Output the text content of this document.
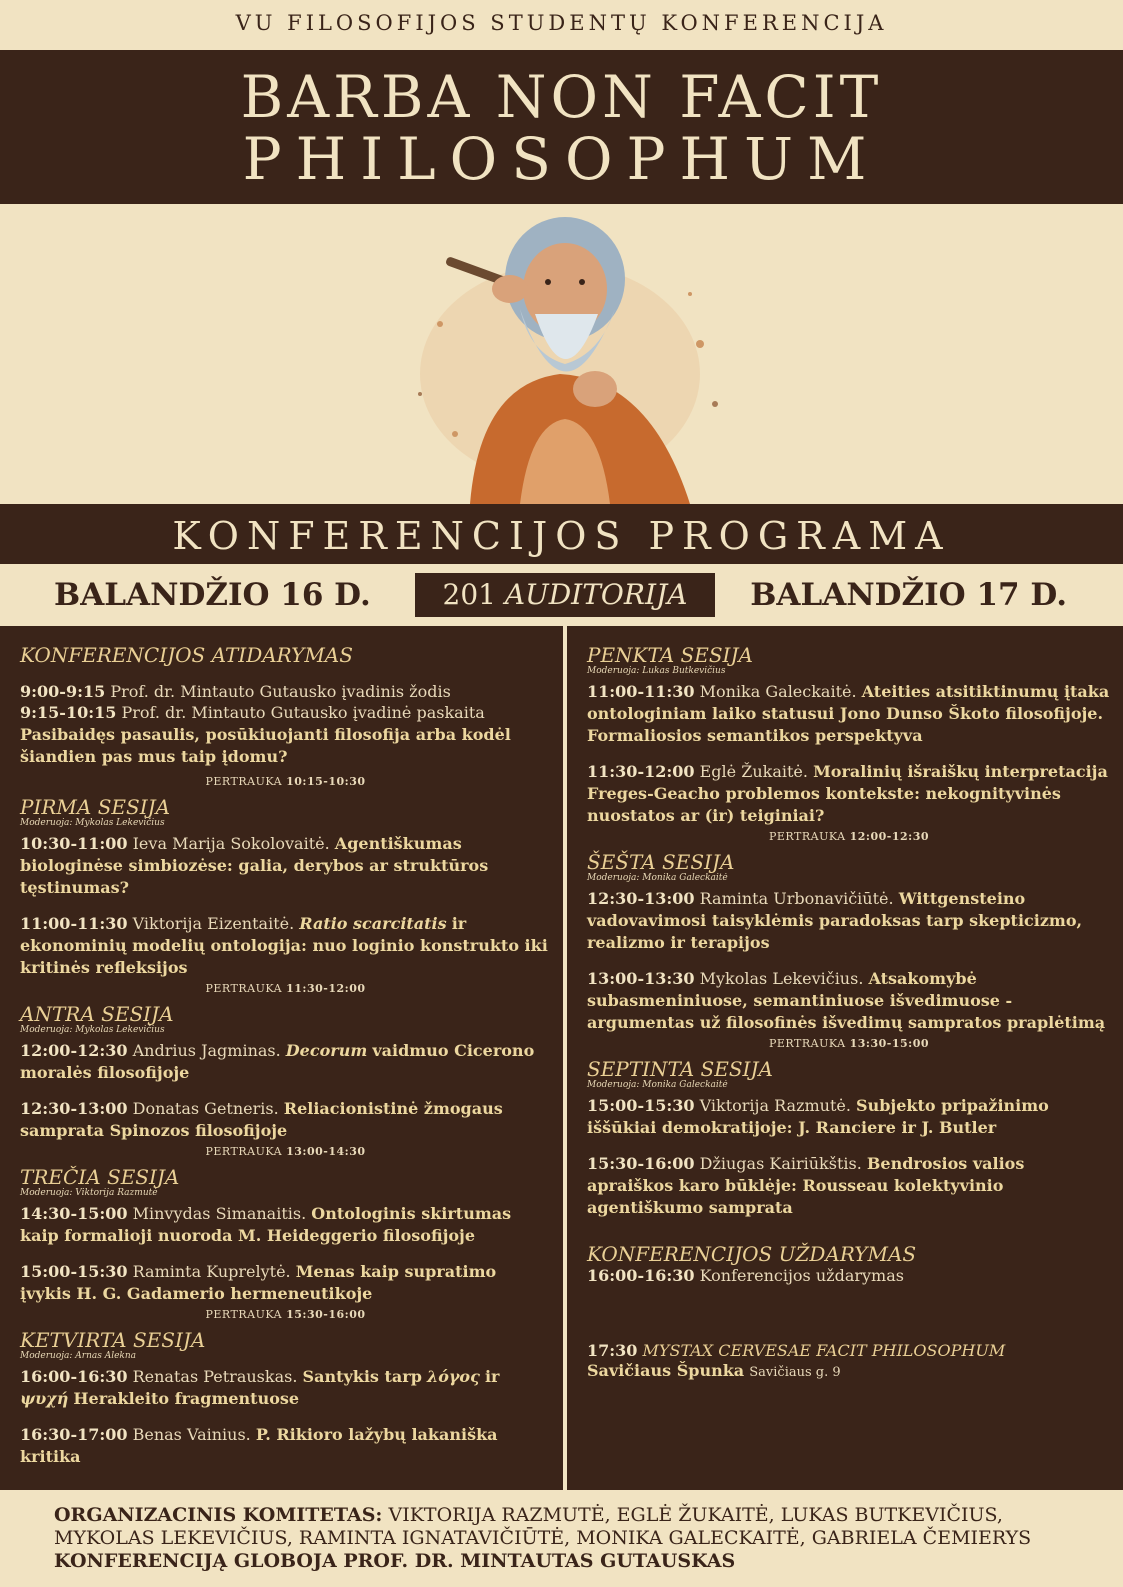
VU FILOSOFIJOS STUDENTŲ KONFERENCIJA
BARBA NON FACIT
PHILOSOPHUM
KONFERENCIJOS PROGRAMA
BALANDŽIO 16 D.	201 AUDITORIJA	BALANDŽIO 17 D.
KONFERENCIJOS ATIDARYMAS
9:00-9:15 Prof. dr. Mintauto Gutausko įvadinis žodis
9:15-10:15 Prof. dr. Mintauto Gutausko įvadinė paskaita
Pasibaidęs pasaulis, posūkiuojanti filosofija arba kodėl šiandien pas mus taip įdomu?
PERTRAUKA 10:15-10:30
PIRMA SESIJA
Moderuoja: Mykolas Lekevičius
10:30-11:00 Ieva Marija Sokolovaitė. Agentiškumas biologinėse simbiozėse: galia, derybos ar struktūros tęstinumas?
11:00-11:30 Viktorija Eizentaitė. Ratio scarcitatis ir ekonominių modelių ontologija: nuo loginio konstrukto iki kritinės refleksijos
PERTRAUKA 11:30-12:00
ANTRA SESIJA
Moderuoja: Mykolas Lekevičius
12:00-12:30 Andrius Jagminas. Decorum vaidmuo Cicerono moralės filosofijoje
12:30-13:00 Donatas Getneris. Reliacionistinė žmogaus samprata Spinozos filosofijoje
PERTRAUKA 13:00-14:30
TREČIA SESIJA
Moderuoja: Viktorija Razmutė
14:30-15:00 Minvydas Simanaitis. Ontologinis skirtumas kaip formalioji nuoroda M. Heideggerio filosofijoje
15:00-15:30 Raminta Kuprelytė. Menas kaip supratimo įvykis H. G. Gadamerio hermeneutikoje
PERTRAUKA 15:30-16:00
KETVIRTA SESIJA
Moderuoja: Arnas Alekna
16:00-16:30 Renatas Petrauskas. Santykis tarp λόγος ir ψυχή Herakleito fragmentuose
16:30-17:00 Benas Vainius. P. Rikioro lažybų lakaniška kritika
PENKTA SESIJA
Moderuoja: Lukas Butkevičius
11:00-11:30 Monika Galeckaitė. Ateities atsitiktinumų įtaka ontologiniam laiko statusui Jono Dunso Škoto filosofijoje. Formaliosios semantikos perspektyva
11:30-12:00 Eglė Žukaitė. Moralinių išraiškų interpretacija Freges-Geacho problemos kontekste: nekognityvinės nuostatos ar (ir) teiginiai?
PERTRAUKA 12:00-12:30
ŠEŠTA SESIJA
Moderuoja: Monika Galeckaitė
12:30-13:00 Raminta Urbonavičiūtė. Wittgensteino vadovavimosi taisyklėmis paradoksas tarp skepticizmo, realizmo ir terapijos
13:00-13:30 Mykolas Lekevičius. Atsakomybė subasmeniniuose, semantiniuose išvedimuose - argumentas už filosofinės išvedimų sampratos praplėtimą
PERTRAUKA 13:30-15:00
SEPTINTA SESIJA
Moderuoja: Monika Galeckaitė
15:00-15:30 Viktorija Razmutė. Subjekto pripažinimo iššūkiai demokratijoje: J. Ranciere ir J. Butler
15:30-16:00 Džiugas Kairiūkštis. Bendrosios valios apraiškos karo būklėje: Rousseau kolektyvinio agentiškumo samprata
KONFERENCIJOS UŽDARYMAS
16:00-16:30 Konferencijos uždarymas
17:30 MYSTAX CERVESAE FACIT PHILOSOPHUM
Savičiaus Špunka Savičiaus g. 9
ORGANIZACINIS KOMITETAS: VIKTORIJA RAZMUTĖ, EGLĖ ŽUKAITĖ, LUKAS BUTKEVIČIUS,
MYKOLAS LEKEVIČIUS, RAMINTA IGNATAVIČIŪTĖ, MONIKA GALECKAITĖ, GABRIELA ČEMIERYS
KONFERENCIJĄ GLOBOJA PROF. DR. MINTAUTAS GUTAUSKAS
